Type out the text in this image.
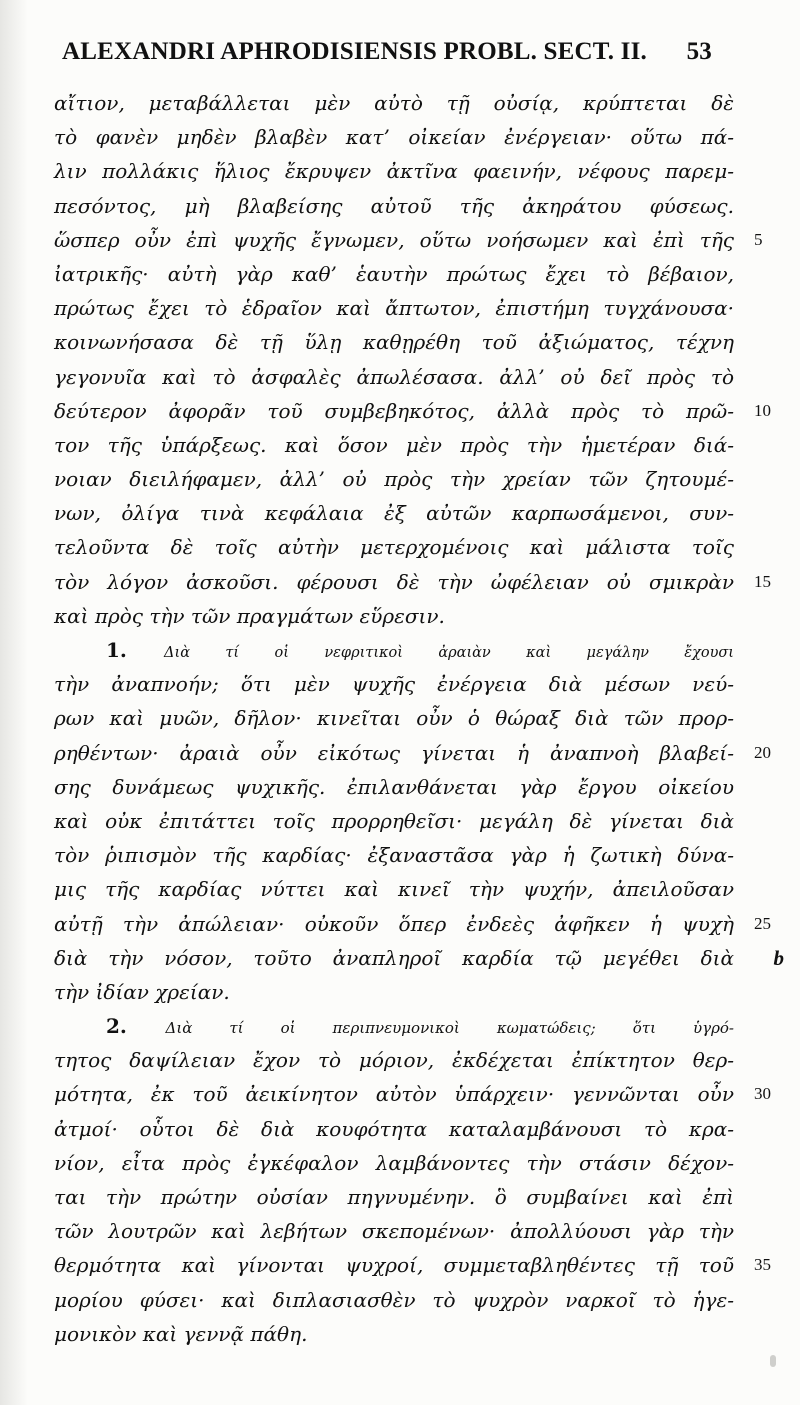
ALEXANDRI APHRODISIENSIS PROBL. SECT. II. 53
αἴτιον, μεταβάλλεται μὲν αὐτὸ τῇ οὐσίᾳ, κρύπτεται δὲ
τὸ φανὲν μηδὲν βλαβὲν κατ’ οἰκείαν ἐνέργειαν· οὕτω πά-
λιν πολλάκις ἥλιος ἔκρυψεν ἀκτῖνα φαεινήν, νέφους παρεμ-
πεσόντος, μὴ βλαβείσης αὐτοῦ τῆς ἀκηράτου φύσεως.
ὥσπερ οὖν ἐπὶ ψυχῆς ἔγνωμεν, οὕτω νοήσωμεν καὶ ἐπὶ τῆς 5
ἰατρικῆς· αὐτὴ γὰρ καθ’ ἑαυτὴν πρώτως ἔχει τὸ βέβαιον,
πρώτως ἔχει τὸ ἑδραῖον καὶ ἄπτωτον, ἐπιστήμη τυγχάνουσα·
κοινωνήσασα δὲ τῇ ὕλῃ καθῃρέθη τοῦ ἀξιώματος, τέχνη
γεγονυῖα καὶ τὸ ἀσφαλὲς ἀπωλέσασα. ἀλλ’ οὐ δεῖ πρὸς τὸ
δεύτερον ἀφορᾶν τοῦ συμβεβηκότος, ἀλλὰ πρὸς τὸ πρῶ- 10
τον τῆς ὑπάρξεως. καὶ ὅσον μὲν πρὸς τὴν ἡμετέραν διά-
νοιαν διειλήφαμεν, ἀλλ’ οὐ πρὸς τὴν χρείαν τῶν ζητουμέ-
νων, ὀλίγα τινὰ κεφάλαια ἐξ αὐτῶν καρπωσάμενοι, συν-
τελοῦντα δὲ τοῖς αὐτὴν μετερχομένοις καὶ μάλιστα τοῖς
τὸν λόγον ἀσκοῦσι. φέρουσι δὲ τὴν ὠφέλειαν οὐ σμικρὰν 15
καὶ πρὸς τὴν τῶν πραγμάτων εὕρεσιν.
1.	Διὰ τί οἱ νεφριτικοὶ ἀραιὰν καὶ μεγάλην ἔχουσι
τὴν ἀναπνοήν; ὅτι μὲν ψυχῆς ἐνέργεια διὰ μέσων νεύ-
ρων καὶ μυῶν, δῆλον· κινεῖται οὖν ὁ θώραξ διὰ τῶν προρ-
ρηθέντων· ἀραιὰ οὖν εἰκότως γίνεται ἡ ἀναπνοὴ βλαβεί- 20
σης δυνάμεως ψυχικῆς. ἐπιλανθάνεται γὰρ ἔργου οἰκείου
καὶ οὐκ ἐπιτάττει τοῖς προρρηθεῖσι· μεγάλη δὲ γίνεται διὰ
τὸν ῥιπισμὸν τῆς καρδίας· ἐξαναστᾶσα γὰρ ἡ ζωτικὴ δύνα-
μις τῆς καρδίας νύττει καὶ κινεῖ τὴν ψυχήν, ἀπειλοῦσαν
αὐτῇ τὴν ἀπώλειαν· οὐκοῦν ὅπερ ἐνδεὲς ἀφῆκεν ἡ ψυχὴ 25
διὰ τὴν νόσον, τοῦτο ἀναπληροῖ καρδία τῷ μεγέθει διὰ b
τὴν ἰδίαν χρείαν.
2.	Διὰ τί οἱ περιπνευμονικοὶ κωματώδεις; ὅτι ὑγρό-
τητος δαψίλειαν ἔχον τὸ μόριον, ἐκδέχεται ἐπίκτητον θερ-
μότητα, ἐκ τοῦ ἀεικίνητον αὐτὸν ὑπάρχειν· γεννῶνται οὖν 30
ἀτμοί· οὗτοι δὲ διὰ κουφότητα καταλαμβάνουσι τὸ κρα-
νίον, εἶτα πρὸς ἐγκέφαλον λαμβάνοντες τὴν στάσιν δέχον-
ται τὴν πρώτην οὐσίαν πηγνυμένην. ὃ συμβαίνει καὶ ἐπὶ
τῶν λουτρῶν καὶ λεβήτων σκεπομένων· ἀπολλύουσι γὰρ τὴν
θερμότητα καὶ γίνονται ψυχροί, συμμεταβληθέντες τῇ τοῦ 35
μορίου φύσει· καὶ διπλασιασθὲν τὸ ψυχρὸν ναρκοῖ τὸ ἡγε-
μονικὸν καὶ γεννᾷ πάθη.
